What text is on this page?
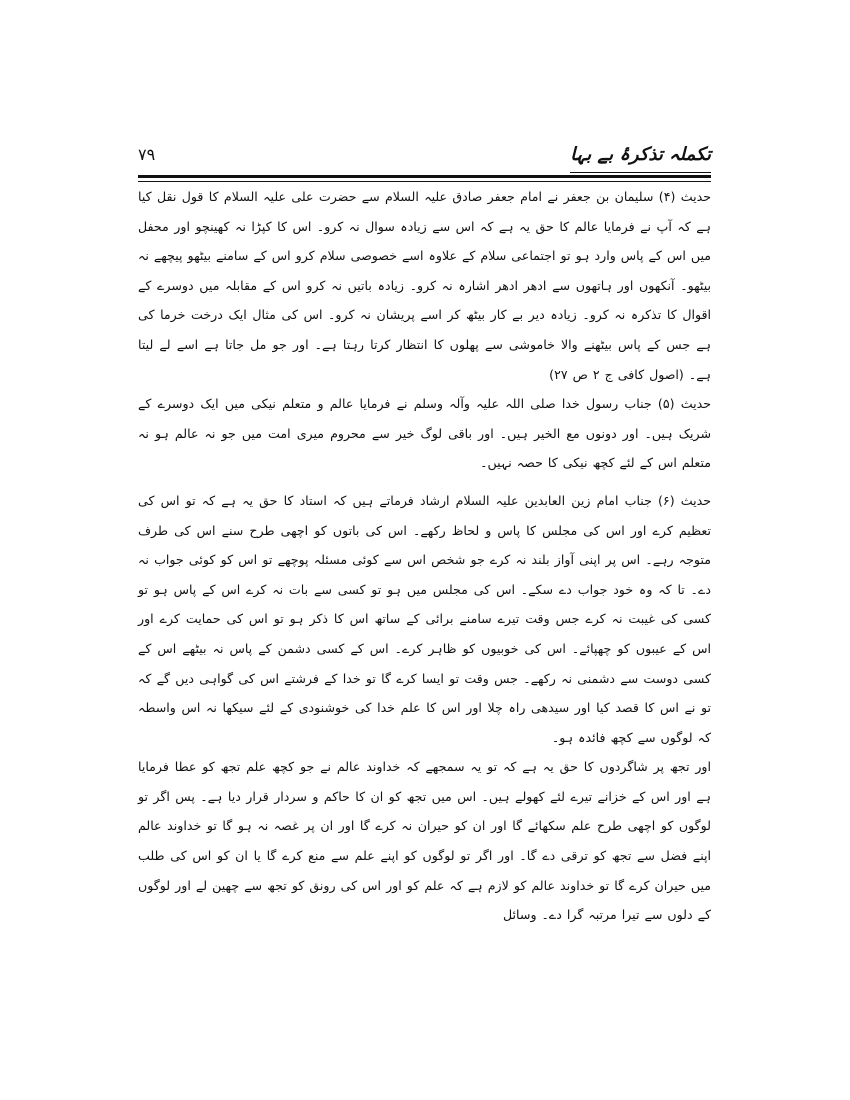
تکملہ تذکرۂ بے بہا
٧٩

حدیث (۴) سلیمان بن جعفر نے امام جعفر صادق علیہ السلام سے حضرت علی علیہ السلام کا قول نقل کیا ہے کہ آپ نے فرمایا عالم کا حق یہ ہے کہ اس سے زیادہ سوال نہ کرو۔ اس کا کپڑا نہ کھینچو اور محفل میں اس کے پاس وارد ہو تو اجتماعی سلام کے علاوہ اسے خصوصی سلام کرو اس کے سامنے بیٹھو پیچھے نہ بیٹھو۔ آنکھوں اور ہاتھوں سے ادھر ادھر اشارہ نہ کرو۔ زیادہ باتیں نہ کرو اس کے مقابلہ میں دوسرے کے اقوال کا تذکرہ نہ کرو۔ زیادہ دیر بے کار بیٹھ کر اسے پریشان نہ کرو۔ اس کی مثال ایک درخت خرما کی ہے جس کے پاس بیٹھنے والا خاموشی سے پھلوں کا انتظار کرتا رہتا ہے۔ اور جو مل جاتا ہے اسے لے لیتا ہے۔ (اصول کافی ج ۲ ص ۲۷)

حدیث (۵) جناب رسول خدا صلی اللہ علیہ وآلہ وسلم نے فرمایا عالم و متعلم نیکی میں ایک دوسرے کے شریک ہیں۔ اور دونوں مع الخیر ہیں۔ اور باقی لوگ خیر سے محروم میری امت میں جو نہ عالم ہو نہ متعلم اس کے لئے کچھ نیکی کا حصہ نہیں۔

حدیث (۶) جناب امام زین العابدین علیہ السلام ارشاد فرماتے ہیں کہ استاد کا حق یہ ہے کہ تو اس کی تعظیم کرے اور اس کی مجلس کا پاس و لحاظ رکھے۔ اس کی باتوں کو اچھی طرح سنے اس کی طرف متوجہ رہے۔ اس پر اپنی آواز بلند نہ کرے جو شخص اس سے کوئی مسئلہ پوچھے تو اس کو کوئی جواب نہ دے۔ تا کہ وہ خود جواب دے سکے۔ اس کی مجلس میں ہو تو کسی سے بات نہ کرے اس کے پاس ہو تو کسی کی غیبت نہ کرے جس وقت تیرے سامنے برائی کے ساتھ اس کا ذکر ہو تو اس کی حمایت کرے اور اس کے عیبوں کو چھپائے۔ اس کی خوبیوں کو ظاہر کرے۔ اس کے کسی دشمن کے پاس نہ بیٹھے اس کے کسی دوست سے دشمنی نہ رکھے۔ جس وقت تو ایسا کرے گا تو خدا کے فرشتے اس کی گواہی دیں گے کہ تو نے اس کا قصد کیا اور سیدھی راہ چلا اور اس کا علم خدا کی خوشنودی کے لئے سیکھا نہ اس واسطہ کہ لوگوں سے کچھ فائدہ ہو۔

اور تجھ پر شاگردوں کا حق یہ ہے کہ تو یہ سمجھے کہ خداوند عالم نے جو کچھ علم تجھ کو عطا فرمایا ہے اور اس کے خزانے تیرے لئے کھولے ہیں۔ اس میں تجھ کو ان کا حاکم و سردار قرار دیا ہے۔ پس اگر تو لوگوں کو اچھی طرح علم سکھائے گا اور ان کو حیران نہ کرے گا اور ان پر غصہ نہ ہو گا تو خداوند عالم اپنے فضل سے تجھ کو ترقی دے گا۔ اور اگر تو لوگوں کو اپنے علم سے منع کرے گا یا ان کو اس کی طلب میں حیران کرے گا تو خداوند عالم کو لازم ہے کہ علم کو اور اس کی رونق کو تجھ سے چھین لے اور لوگوں کے دلوں سے تیرا مرتبہ گرا دے۔ وسائل
